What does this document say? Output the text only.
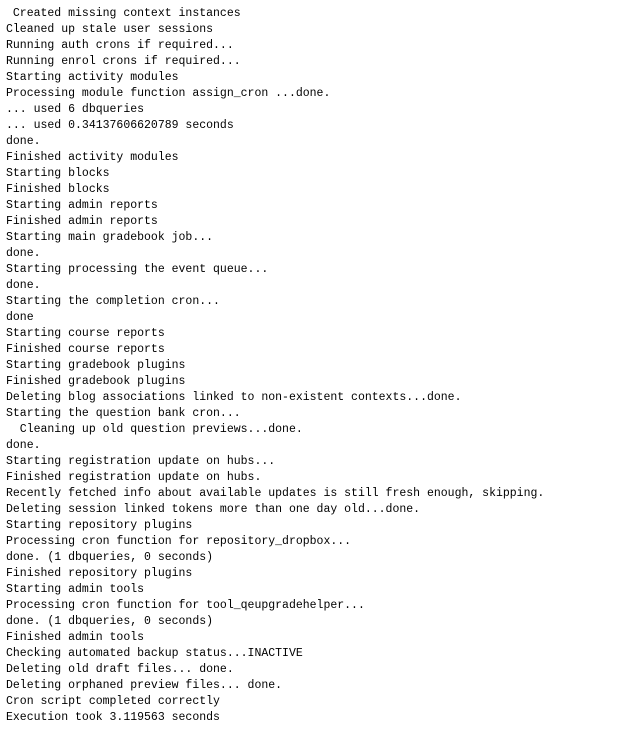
Created missing context instances
Cleaned up stale user sessions
Running auth crons if required...
Running enrol crons if required...
Starting activity modules
Processing module function assign_cron ...done.
... used 6 dbqueries
... used 0.34137606620789 seconds
done.
Finished activity modules
Starting blocks
Finished blocks
Starting admin reports
Finished admin reports
Starting main gradebook job...
done.
Starting processing the event queue...
done.
Starting the completion cron...
done
Starting course reports
Finished course reports
Starting gradebook plugins
Finished gradebook plugins
Deleting blog associations linked to non-existent contexts...done.
Starting the question bank cron...
Cleaning up old question previews...done.
done.
Starting registration update on hubs...
Finished registration update on hubs.
Recently fetched info about available updates is still fresh enough, skipping.
Deleting session linked tokens more than one day old...done.
Starting repository plugins
Processing cron function for repository_dropbox...
done. (1 dbqueries, 0 seconds)
Finished repository plugins
Starting admin tools
Processing cron function for tool_qeupgradehelper...
done. (1 dbqueries, 0 seconds)
Finished admin tools
Checking automated backup status...INACTIVE
Deleting old draft files... done.
Deleting orphaned preview files... done.
Cron script completed correctly
Execution took 3.119563 seconds
